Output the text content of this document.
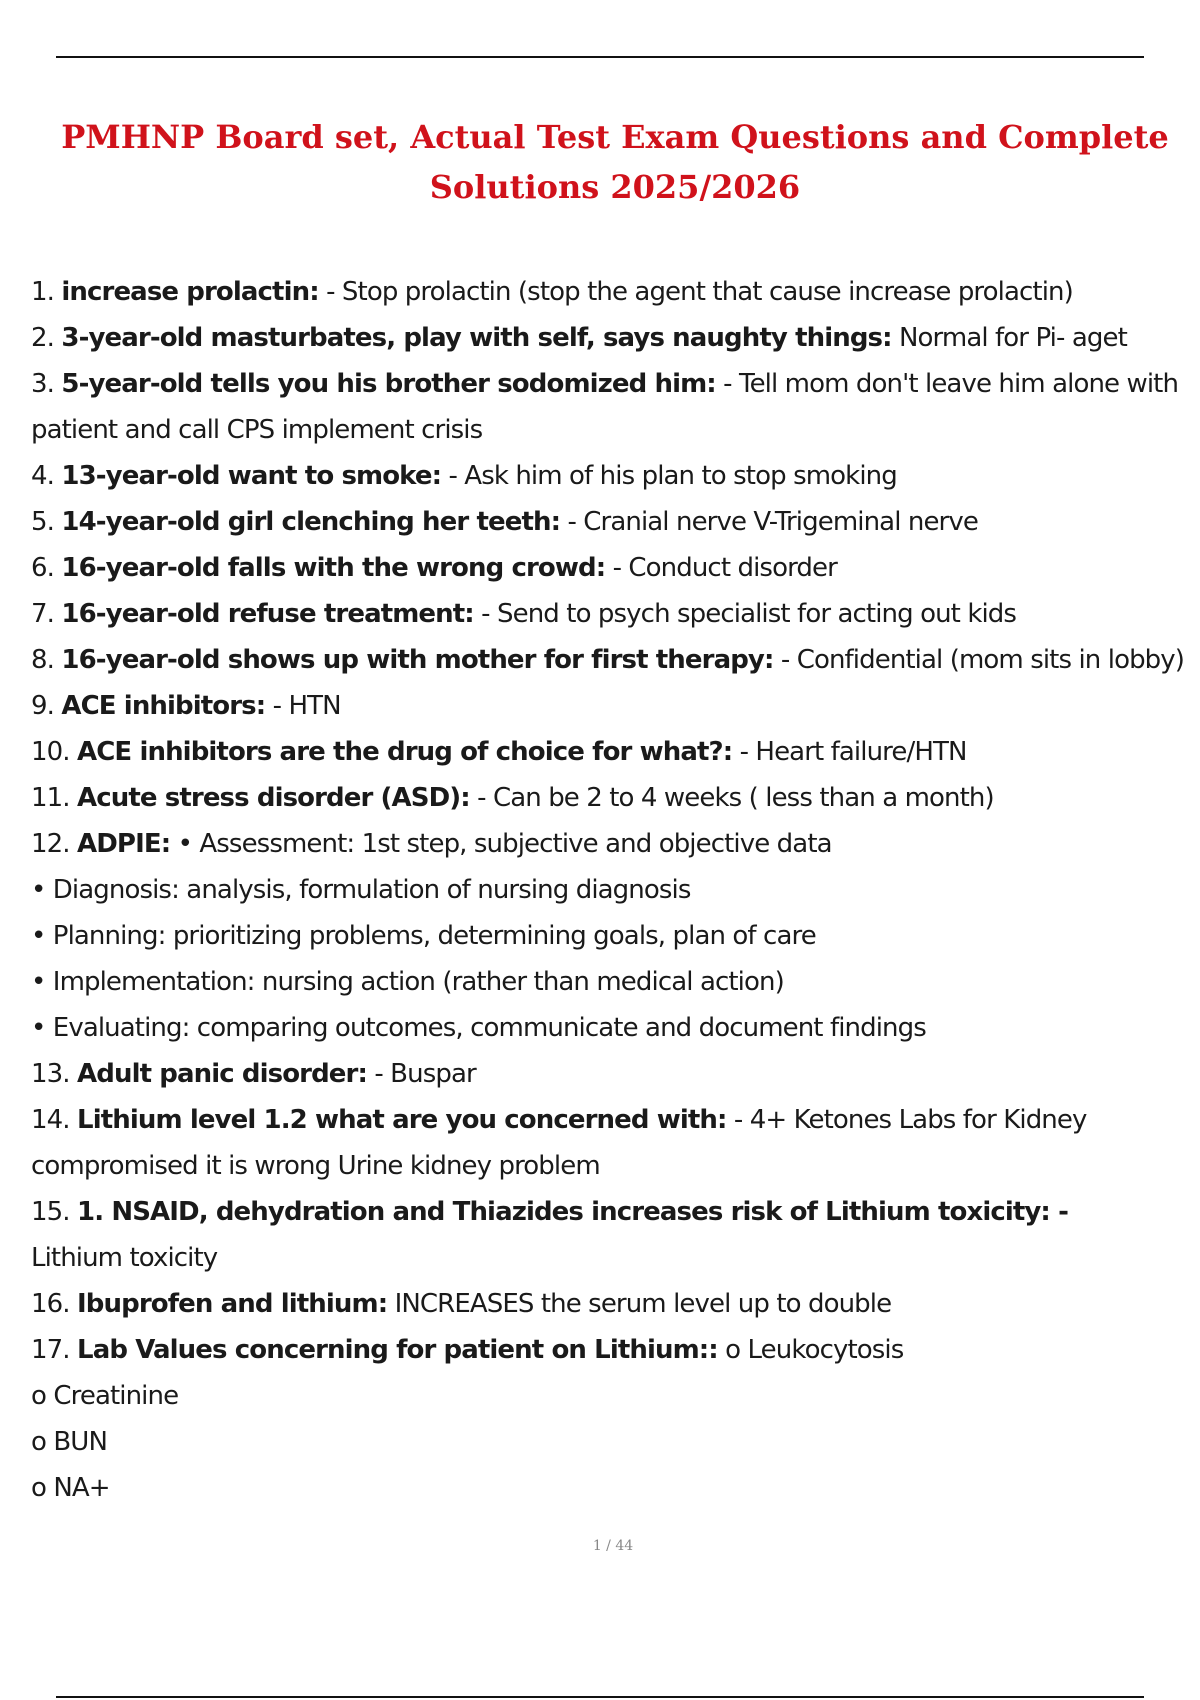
PMHNP Board set, Actual Test Exam Questions and Complete Solutions 2025/2026
1. increase prolactin: - Stop prolactin (stop the agent that cause increase prolactin)
2. 3-year-old masturbates, play with self, says naughty things: Normal for Pi- aget
3. 5-year-old tells you his brother sodomized him: - Tell mom don't leave him alone with
patient and call CPS implement crisis
4. 13-year-old want to smoke: - Ask him of his plan to stop smoking
5. 14-year-old girl clenching her teeth: - Cranial nerve V-Trigeminal nerve
6. 16-year-old falls with the wrong crowd: - Conduct disorder
7. 16-year-old refuse treatment: - Send to psych specialist for acting out kids
8. 16-year-old shows up with mother for first therapy: - Confidential (mom sits in lobby)
9. ACE inhibitors: - HTN
10. ACE inhibitors are the drug of choice for what?: - Heart failure/HTN
11. Acute stress disorder (ASD): - Can be 2 to 4 weeks ( less than a month)
12. ADPIE: • Assessment: 1st step, subjective and objective data
• Diagnosis: analysis, formulation of nursing diagnosis
• Planning: prioritizing problems, determining goals, plan of care
• Implementation: nursing action (rather than medical action)
• Evaluating: comparing outcomes, communicate and document findings
13. Adult panic disorder: - Buspar
14. Lithium level 1.2 what are you concerned with: - 4+ Ketones Labs for Kidney
compromised it is wrong Urine kidney problem
15. 1. NSAID, dehydration and Thiazides increases risk of Lithium toxicity: -
Lithium toxicity
16. Ibuprofen and lithium: INCREASES the serum level up to double
17. Lab Values concerning for patient on Lithium:: o Leukocytosis
o Creatinine
o BUN
o NA+
1 / 44
